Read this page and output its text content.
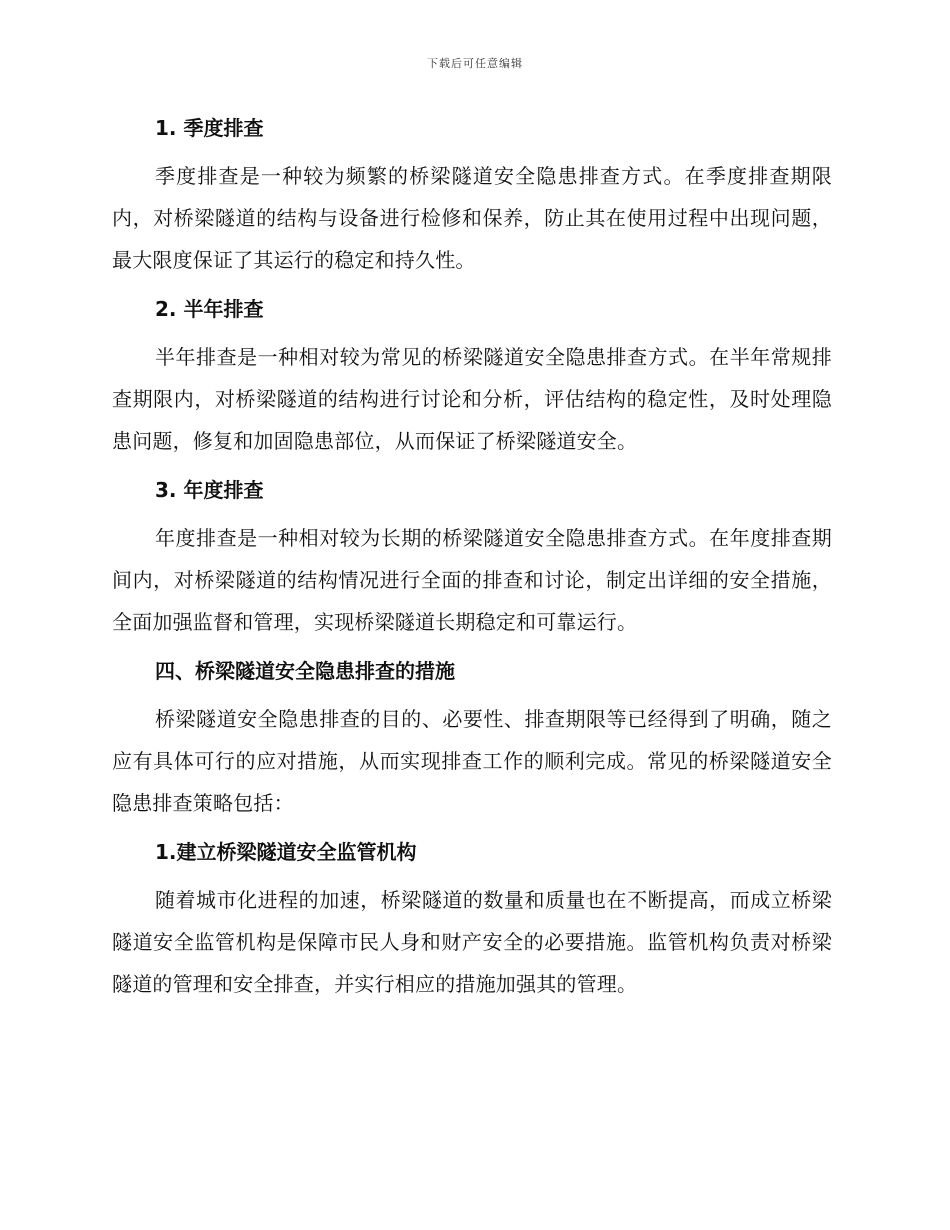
下载后可任意编辑
1. 季度排查

季度排查是一种较为频繁的桥梁隧道安全隐患排查方式。在季度排查期限内，对桥梁隧道的结构与设备进行检修和保养，防止其在使用过程中出现问题，最大限度保证了其运行的稳定和持久性。

2. 半年排查

半年排查是一种相对较为常见的桥梁隧道安全隐患排查方式。在半年常规排查期限内，对桥梁隧道的结构进行讨论和分析，评估结构的稳定性，及时处理隐患问题，修复和加固隐患部位，从而保证了桥梁隧道安全。

3. 年度排查

年度排查是一种相对较为长期的桥梁隧道安全隐患排查方式。在年度排查期间内，对桥梁隧道的结构情况进行全面的排查和讨论，制定出详细的安全措施，全面加强监督和管理，实现桥梁隧道长期稳定和可靠运行。

四、桥梁隧道安全隐患排查的措施

桥梁隧道安全隐患排查的目的、必要性、排查期限等已经得到了明确，随之应有具体可行的应对措施，从而实现排查工作的顺利完成。常见的桥梁隧道安全隐患排查策略包括：

1.建立桥梁隧道安全监管机构

随着城市化进程的加速，桥梁隧道的数量和质量也在不断提高，而成立桥梁隧道安全监管机构是保障市民人身和财产安全的必要措施。监管机构负责对桥梁隧道的管理和安全排查，并实行相应的措施加强其的管理。
